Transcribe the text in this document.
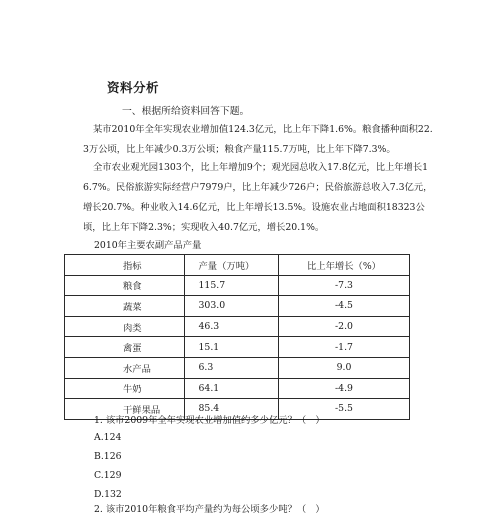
资料分析
一、根据所给资料回答下题。
某市2010年全年实现农业增加值124.3亿元，比上年下降1.6%。粮食播种面积22.3万公顷，比上年减少0.3万公顷；粮食产量115.7万吨，比上年下降7.3%。
全市农业观光园1303个，比上年增加9个；观光园总收入17.8亿元，比上年增长16.7%。民俗旅游实际经营户7979户，比上年减少726户；民俗旅游总收入7.3亿元，增长20.7%。种业收入14.6亿元，比上年增长13.5%。设施农业占地面积18323公顷，比上年下降2.3%；实现收入40.7亿元，增长20.1%。
2010年主要农副产品产量
指标	产量（万吨）	比上年增长（%）
粮食	115.7	-7.3
蔬菜	303.0	-4.5
肉类	46.3	-2.0
禽蛋	15.1	-1.7
水产品	6.3	9.0
牛奶	64.1	-4.9
干鲜果品	85.4	-5.5
1. 该市2009年全年实现农业增加值约多少亿元？（　）
A.124
B.126
C.129
D.132
2. 该市2010年粮食平均产量约为每公顷多少吨？（　）
